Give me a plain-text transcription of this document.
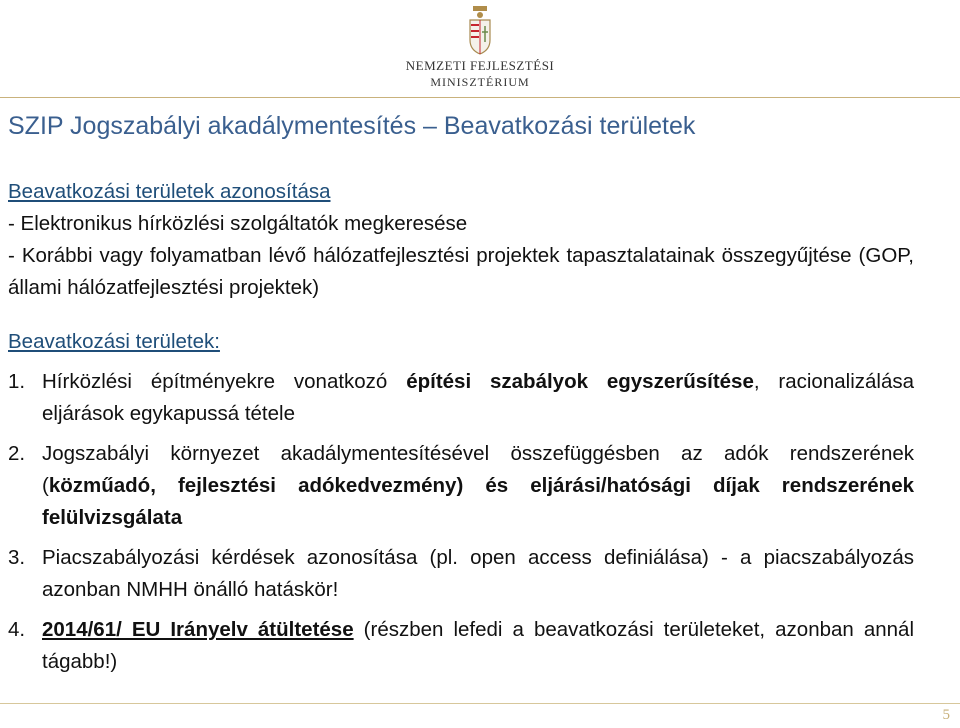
NEMZETI FEJLESZTÉSI
MINISZTÉRIUM
SZIP Jogszabályi akadálymentesítés – Beavatkozási területek

Beavatkozási területek azonosítása

- Elektronikus hírközlési szolgáltatók megkeresése

- Korábbi vagy folyamatban lévő hálózatfejlesztési projektek tapasztalatainak összegyűjtése (GOP, állami hálózatfejlesztési projektek)

Beavatkozási területek:

1. Hírközlési építményekre vonatkozó építési szabályok egyszerűsítése, racionalizálása eljárások egykapussá tétele
2. Jogszabályi környezet akadálymentesítésével összefüggésben az adók rendszerének (közműadó, fejlesztési adókedvezmény) és eljárási/hatósági díjak rendszerének felülvizsgálata
3. Piacszabályozási kérdések azonosítása (pl. open access definiálása) - a piacszabályozás azonban NMHH önálló hatáskör!
4. 2014/61/ EU Irányelv átültetése (részben lefedi a beavatkozási területeket, azonban annál tágabb!)
5
